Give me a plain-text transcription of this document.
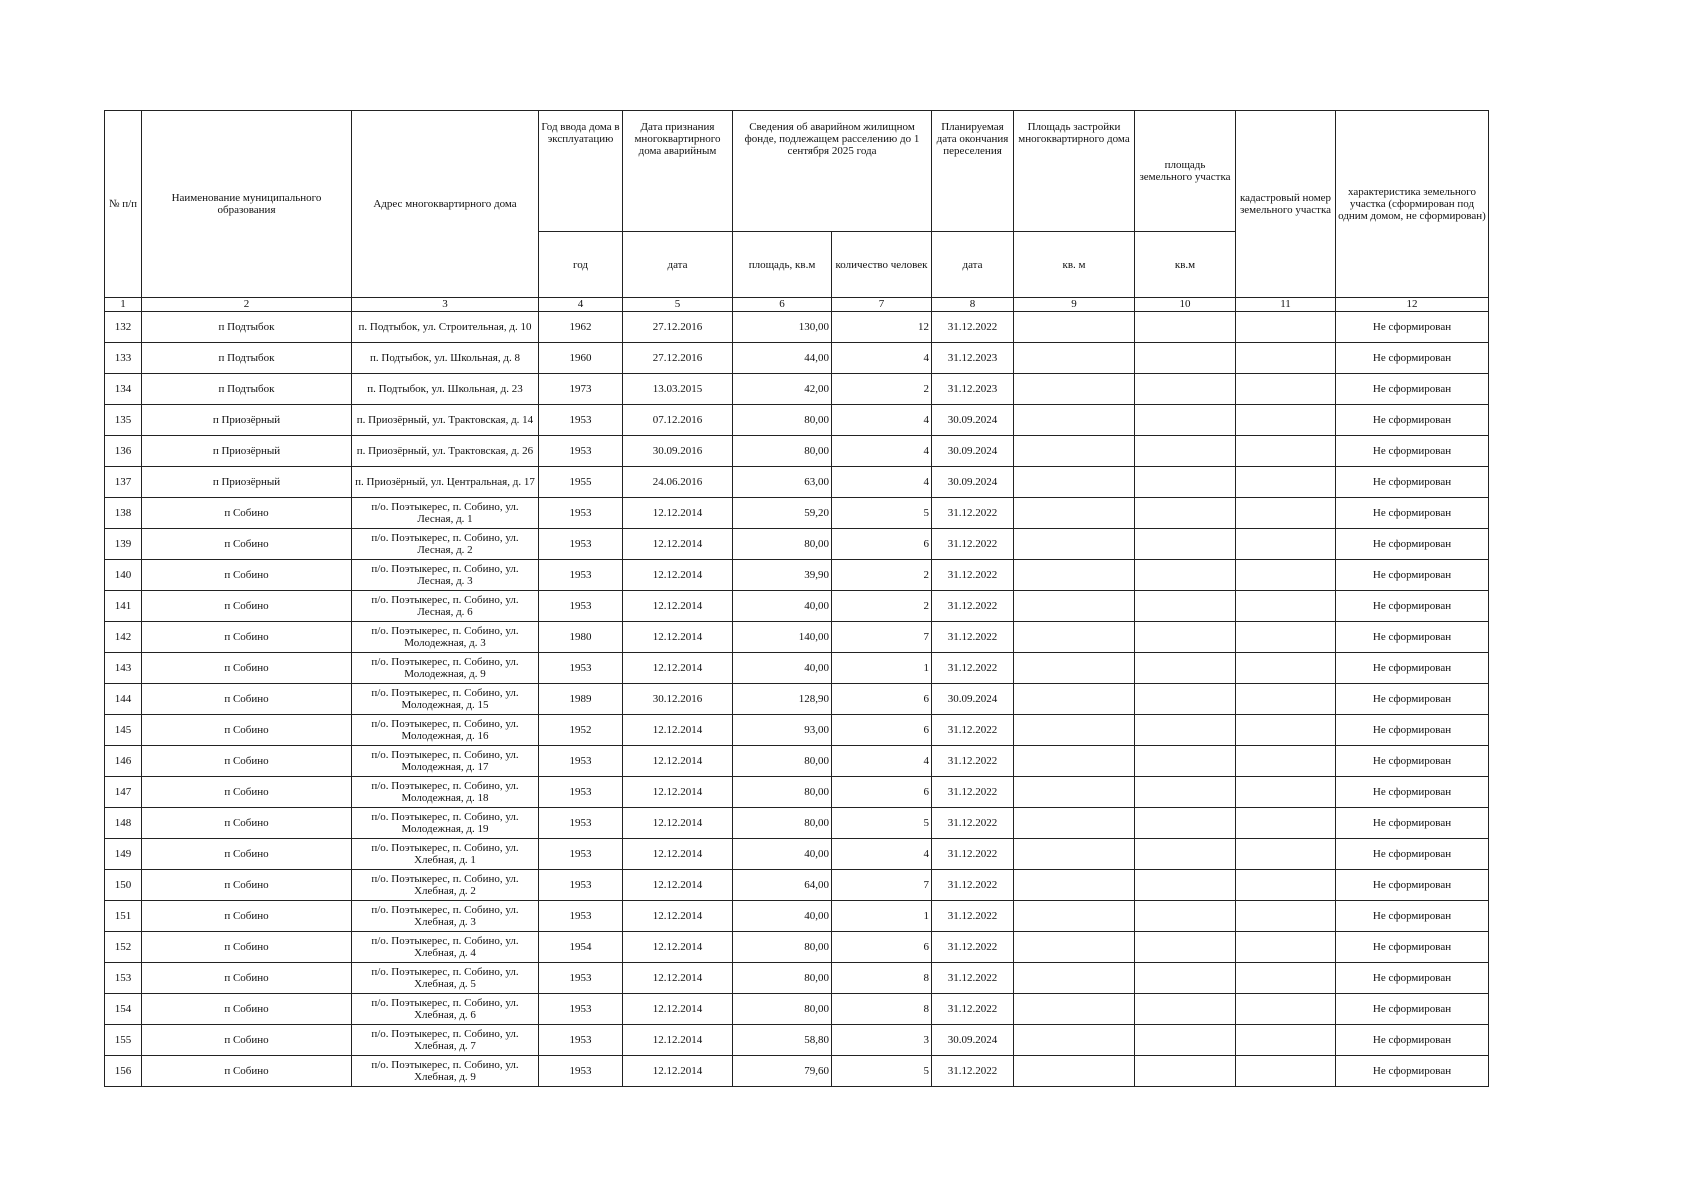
№ п/п	Наименование муниципального образования	Адрес многоквартирного дома	Год ввода дома в эксплуатацию	Дата признания многоквартирного дома аварийным	Сведения об аварийном жилищном фонде, подлежащем расселению до 1 сентября 2025 года		Планируемая дата окончания переселения	Площадь застройки многоквартирного дома	площадь земельного участка	кадастровый номер земельного участка	характеристика земельного участка (сформирован под одним домом, не сформирован)
			год	дата	площадь, кв.м	количество человек	дата	кв. м	кв.м		
1	2	3	4	5	6	7	8	9	10	11	12
132	п Подтыбок	п. Подтыбок, ул. Строительная, д. 10	1962	27.12.2016	130,00	12	31.12.2022				Не сформирован
133	п Подтыбок	п. Подтыбок, ул. Школьная, д. 8	1960	27.12.2016	44,00	4	31.12.2023				Не сформирован
134	п Подтыбок	п. Подтыбок, ул. Школьная, д. 23	1973	13.03.2015	42,00	2	31.12.2023				Не сформирован
135	п Приозёрный	п. Приозёрный, ул. Трактовская, д. 14	1953	07.12.2016	80,00	4	30.09.2024				Не сформирован
136	п Приозёрный	п. Приозёрный, ул. Трактовская, д. 26	1953	30.09.2016	80,00	4	30.09.2024				Не сформирован
137	п Приозёрный	п. Приозёрный, ул. Центральная, д. 17	1955	24.06.2016	63,00	4	30.09.2024				Не сформирован
138	п Собино	п/о. Поэтыкерес, п. Собино, ул. Лесная, д. 1	1953	12.12.2014	59,20	5	31.12.2022				Не сформирован
139	п Собино	п/о. Поэтыкерес, п. Собино, ул. Лесная, д. 2	1953	12.12.2014	80,00	6	31.12.2022				Не сформирован
140	п Собино	п/о. Поэтыкерес, п. Собино, ул. Лесная, д. 3	1953	12.12.2014	39,90	2	31.12.2022				Не сформирован
141	п Собино	п/о. Поэтыкерес, п. Собино, ул. Лесная, д. 6	1953	12.12.2014	40,00	2	31.12.2022				Не сформирован
142	п Собино	п/о. Поэтыкерес, п. Собино, ул. Молодежная, д. 3	1980	12.12.2014	140,00	7	31.12.2022				Не сформирован
143	п Собино	п/о. Поэтыкерес, п. Собино, ул. Молодежная, д. 9	1953	12.12.2014	40,00	1	31.12.2022				Не сформирован
144	п Собино	п/о. Поэтыкерес, п. Собино, ул. Молодежная, д. 15	1989	30.12.2016	128,90	6	30.09.2024				Не сформирован
145	п Собино	п/о. Поэтыкерес, п. Собино, ул. Молодежная, д. 16	1952	12.12.2014	93,00	6	31.12.2022				Не сформирован
146	п Собино	п/о. Поэтыкерес, п. Собино, ул. Молодежная, д. 17	1953	12.12.2014	80,00	4	31.12.2022				Не сформирован
147	п Собино	п/о. Поэтыкерес, п. Собино, ул. Молодежная, д. 18	1953	12.12.2014	80,00	6	31.12.2022				Не сформирован
148	п Собино	п/о. Поэтыкерес, п. Собино, ул. Молодежная, д. 19	1953	12.12.2014	80,00	5	31.12.2022				Не сформирован
149	п Собино	п/о. Поэтыкерес, п. Собино, ул. Хлебная, д. 1	1953	12.12.2014	40,00	4	31.12.2022				Не сформирован
150	п Собино	п/о. Поэтыкерес, п. Собино, ул. Хлебная, д. 2	1953	12.12.2014	64,00	7	31.12.2022				Не сформирован
151	п Собино	п/о. Поэтыкерес, п. Собино, ул. Хлебная, д. 3	1953	12.12.2014	40,00	1	31.12.2022				Не сформирован
152	п Собино	п/о. Поэтыкерес, п. Собино, ул. Хлебная, д. 4	1954	12.12.2014	80,00	6	31.12.2022				Не сформирован
153	п Собино	п/о. Поэтыкерес, п. Собино, ул. Хлебная, д. 5	1953	12.12.2014	80,00	8	31.12.2022				Не сформирован
154	п Собино	п/о. Поэтыкерес, п. Собино, ул. Хлебная, д. 6	1953	12.12.2014	80,00	8	31.12.2022				Не сформирован
155	п Собино	п/о. Поэтыкерес, п. Собино, ул. Хлебная, д. 7	1953	12.12.2014	58,80	3	30.09.2024				Не сформирован
156	п Собино	п/о. Поэтыкерес, п. Собино, ул. Хлебная, д. 9	1953	12.12.2014	79,60	5	31.12.2022				Не сформирован
